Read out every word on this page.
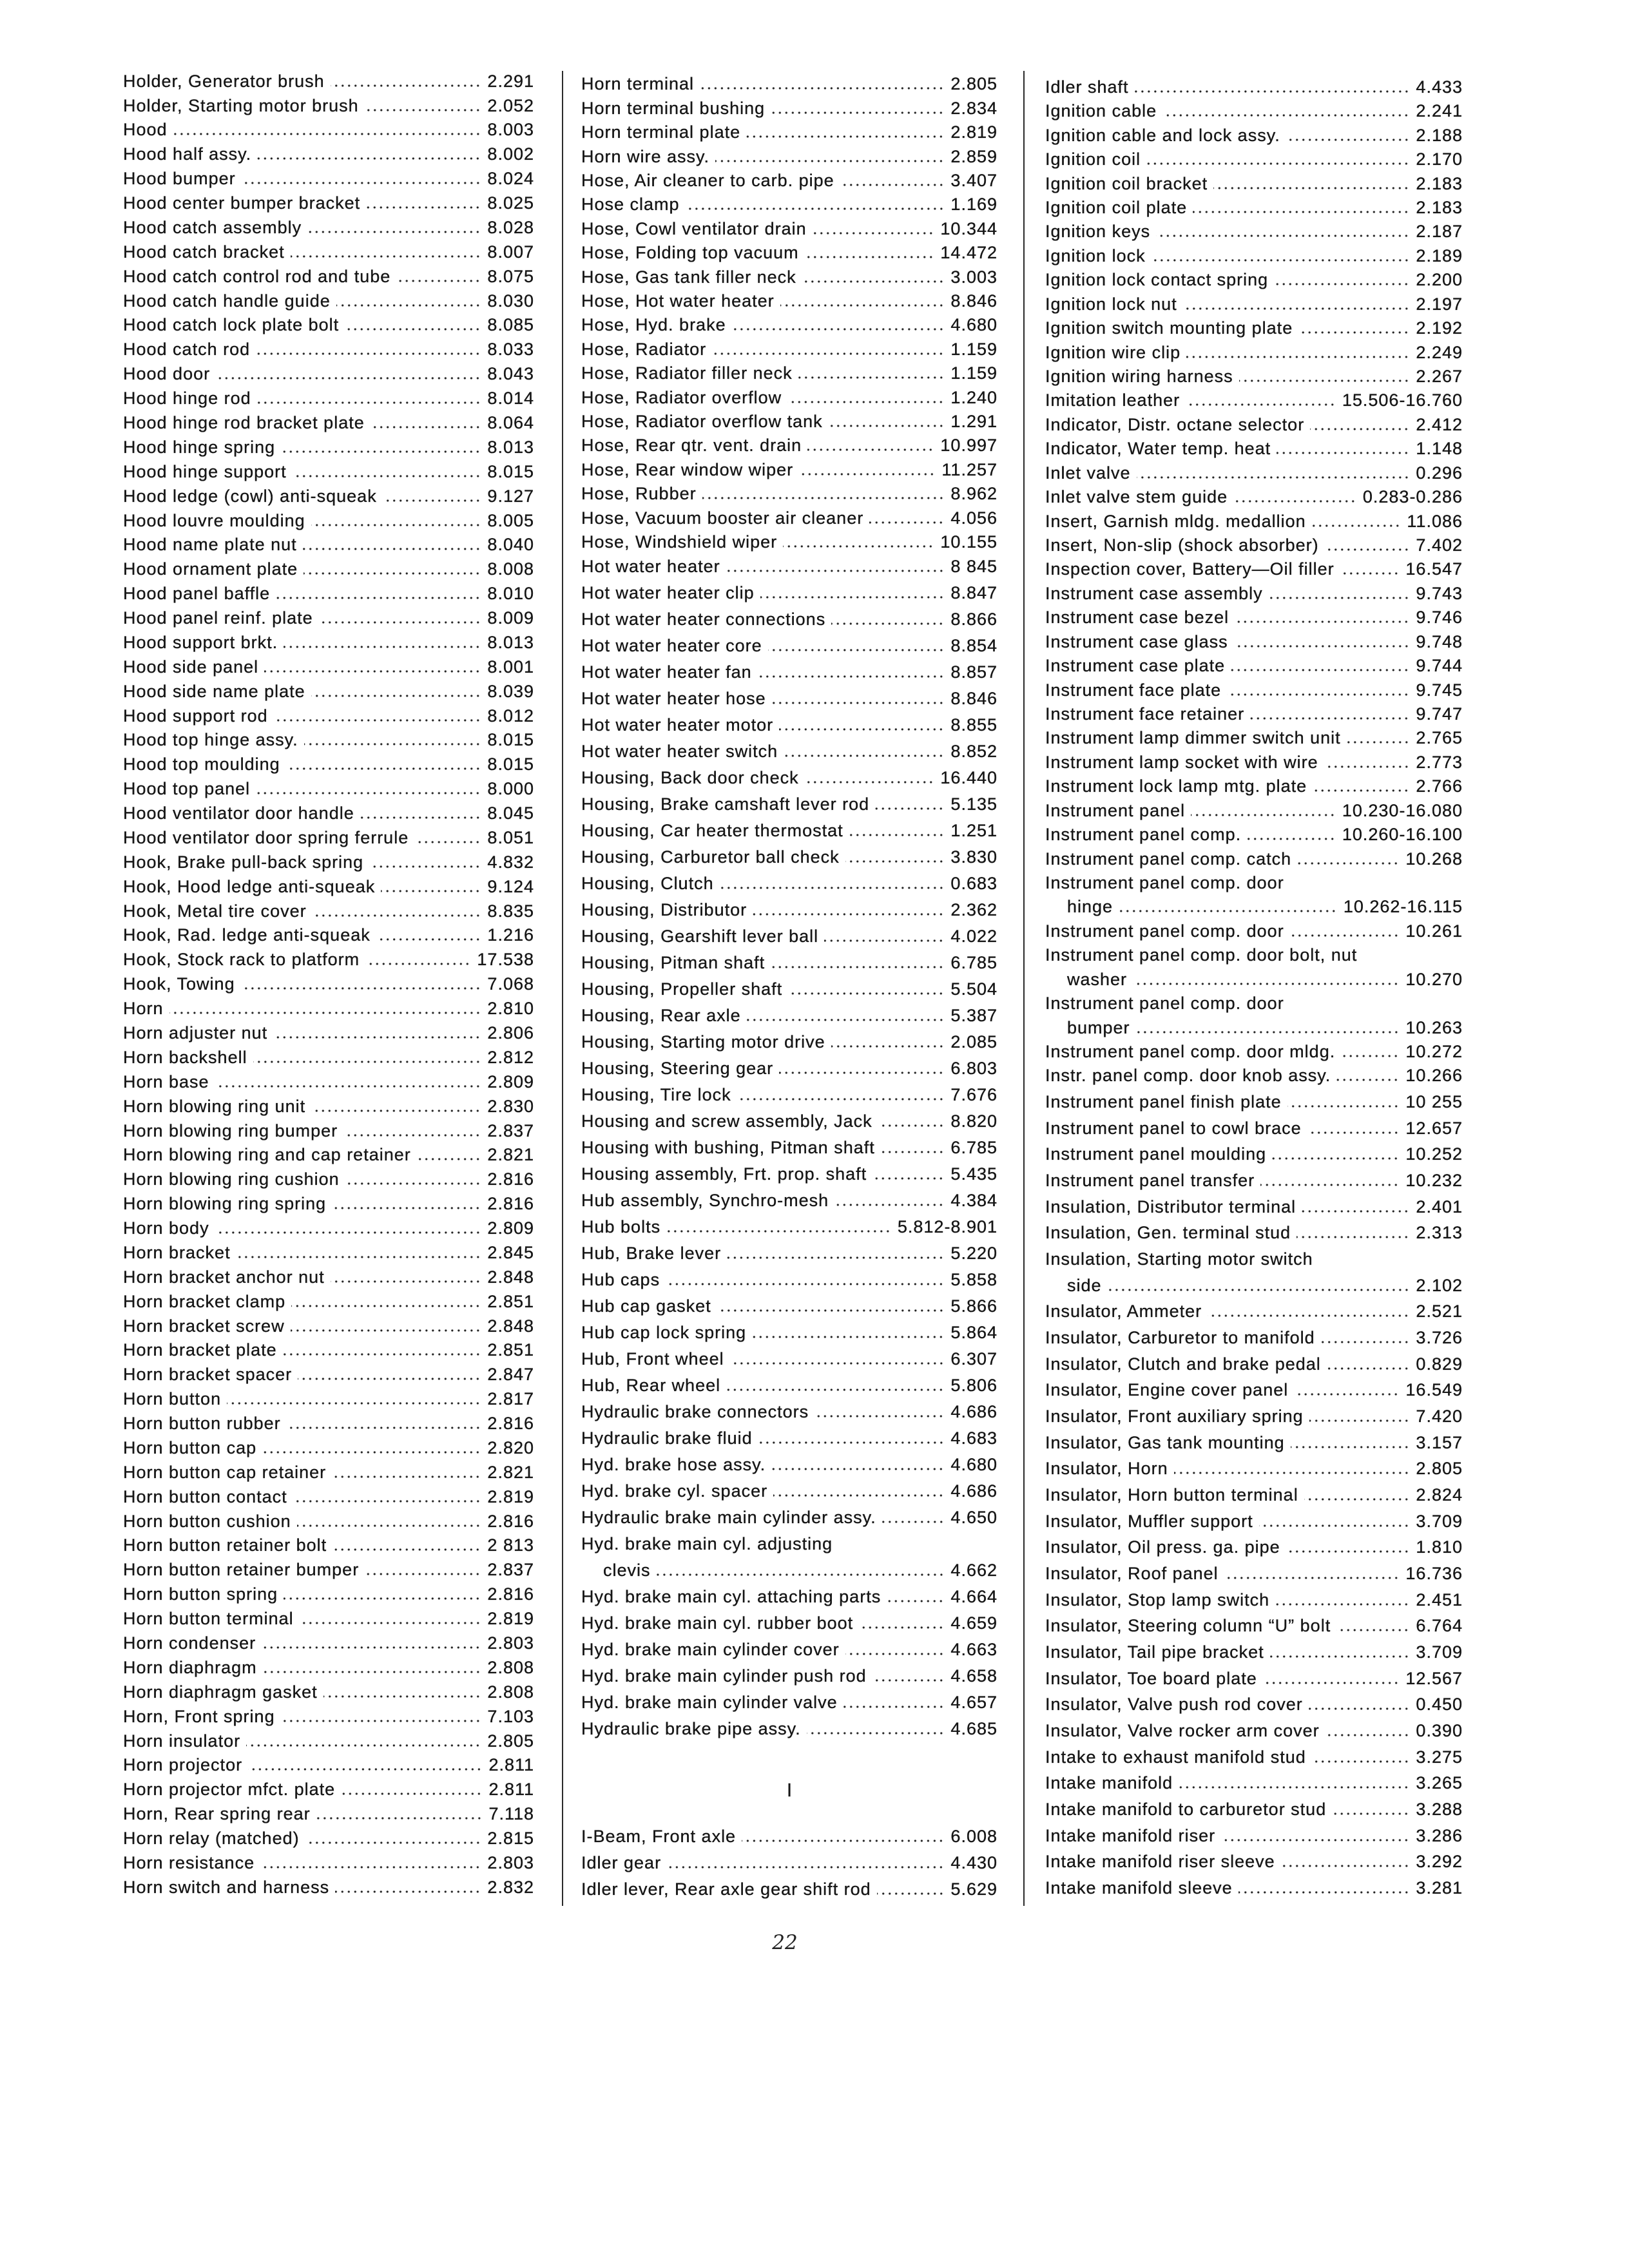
Holder, Generator brush	2.291
Holder, Starting motor brush	2.052
Hood	8.003
Hood half assy.	8.002
Hood bumper	8.024
Hood center bumper bracket	8.025
Hood catch assembly	8.028
Hood catch bracket	8.007
Hood catch control rod and tube	8.075
Hood catch handle guide	8.030
Hood catch lock plate bolt	8.085
Hood catch rod	8.033
Hood door	8.043
Hood hinge rod	8.014
Hood hinge rod bracket plate	8.064
Hood hinge spring	8.013
Hood hinge support	8.015
Hood ledge (cowl) anti-squeak	9.127
Hood louvre moulding	8.005
Hood name plate nut	8.040
Hood ornament plate	8.008
Hood panel baffle	8.010
Hood panel reinf. plate	8.009
Hood support brkt.	8.013
Hood side panel	8.001
Hood side name plate	8.039
Hood support rod	8.012
Hood top hinge assy.	8.015
Hood top moulding	8.015
Hood top panel	8.000
Hood ventilator door handle	8.045
Hood ventilator door spring ferrule	8.051
Hook, Brake pull-back spring	4.832
Hook, Hood ledge anti-squeak	9.124
Hook, Metal tire cover	8.835
Hook, Rad. ledge anti-squeak	1.216
Hook, Stock rack to platform	17.538
Hook, Towing	7.068
Horn	2.810
Horn adjuster nut	2.806
Horn backshell	2.812
Horn base	2.809
Horn blowing ring unit	2.830
Horn blowing ring bumper	2.837
Horn blowing ring and cap retainer	2.821
Horn blowing ring cushion	2.816
Horn blowing ring spring	2.816
Horn body	2.809
Horn bracket	2.845
Horn bracket anchor nut	2.848
Horn bracket clamp	2.851
Horn bracket screw	2.848
Horn bracket plate	2.851
Horn bracket spacer	2.847
Horn button	2.817
Horn button rubber	2.816
Horn button cap	2.820
Horn button cap retainer	2.821
Horn button contact	2.819
Horn button cushion	2.816
Horn button retainer bolt	2 813
Horn button retainer bumper	2.837
Horn button spring	2.816
Horn button terminal	2.819
Horn condenser	2.803
Horn diaphragm	2.808
Horn diaphragm gasket	2.808
Horn, Front spring	7.103
Horn insulator	2.805
Horn projector	2.811
Horn projector mfct. plate	2.811
Horn, Rear spring rear	7.118
Horn relay (matched)	2.815
Horn resistance	2.803
Horn switch and harness	2.832
I
Horn terminal	2.805
Horn terminal bushing	2.834
Horn terminal plate	2.819
Horn wire assy.	2.859
Hose, Air cleaner to carb. pipe	3.407
Hose clamp	1.169
Hose, Cowl ventilator drain	10.344
Hose, Folding top vacuum	14.472
Hose, Gas tank filler neck	3.003
Hose, Hot water heater	8.846
Hose, Hyd. brake	4.680
Hose, Radiator	1.159
Hose, Radiator filler neck	1.159
Hose, Radiator overflow	1.240
Hose, Radiator overflow tank	1.291
Hose, Rear qtr. vent. drain	10.997
Hose, Rear window wiper	11.257
Hose, Rubber	8.962
Hose, Vacuum booster air cleaner	4.056
Hose, Windshield wiper	10.155
Hot water heater	8 845
Hot water heater clip	8.847
Hot water heater connections	8.866
Hot water heater core	8.854
Hot water heater fan	8.857
Hot water heater hose	8.846
Hot water heater motor	8.855
Hot water heater switch	8.852
Housing, Back door check	16.440
Housing, Brake camshaft lever rod	5.135
Housing, Car heater thermostat	1.251
Housing, Carburetor ball check	3.830
Housing, Clutch	0.683
Housing, Distributor	2.362
Housing, Gearshift lever ball	4.022
Housing, Pitman shaft	6.785
Housing, Propeller shaft	5.504
Housing, Rear axle	5.387
Housing, Starting motor drive	2.085
Housing, Steering gear	6.803
Housing, Tire lock	7.676
Housing and screw assembly, Jack	8.820
Housing with bushing, Pitman shaft	6.785
Housing assembly, Frt. prop. shaft	5.435
Hub assembly, Synchro-mesh	4.384
Hub bolts	5.812-8.901
Hub, Brake lever	5.220
Hub caps	5.858
Hub cap gasket	5.866
Hub cap lock spring	5.864
Hub, Front wheel	6.307
Hub, Rear wheel	5.806
Hydraulic brake connectors	4.686
Hydraulic brake fluid	4.683
Hyd. brake hose assy.	4.680
Hyd. brake cyl. spacer	4.686
Hydraulic brake main cylinder assy.	4.650
Hyd. brake main cyl. adjusting
clevis	4.662
Hyd. brake main cyl. attaching parts	4.664
Hyd. brake main cyl. rubber boot	4.659
Hyd. brake main cylinder cover	4.663
Hyd. brake main cylinder push rod	4.658
Hyd. brake main cylinder valve	4.657
Hydraulic brake pipe assy.	4.685
I-Beam, Front axle	6.008
Idler gear	4.430
Idler lever, Rear axle gear shift rod	5.629
Idler shaft	4.433
Ignition cable	2.241
Ignition cable and lock assy.	2.188
Ignition coil	2.170
Ignition coil bracket	2.183
Ignition coil plate	2.183
Ignition keys	2.187
Ignition lock	2.189
Ignition lock contact spring	2.200
Ignition lock nut	2.197
Ignition switch mounting plate	2.192
Ignition wire clip	2.249
Ignition wiring harness	2.267
Imitation leather	15.506-16.760
Indicator, Distr. octane selector	2.412
Indicator, Water temp. heat	1.148
Inlet valve	0.296
Inlet valve stem guide	0.283-0.286
Insert, Garnish mldg. medallion	11.086
Insert, Non-slip (shock absorber)	7.402
Inspection cover, Battery—Oil filler	16.547
Instrument case assembly	9.743
Instrument case bezel	9.746
Instrument case glass	9.748
Instrument case plate	9.744
Instrument face plate	9.745
Instrument face retainer	9.747
Instrument lamp dimmer switch unit	2.765
Instrument lamp socket with wire	2.773
Instrument lock lamp mtg. plate	2.766
Instrument panel	10.230-16.080
Instrument panel comp.	10.260-16.100
Instrument panel comp. catch	10.268
Instrument panel comp. door
hinge	10.262-16.115
Instrument panel comp. door	10.261
Instrument panel comp. door bolt, nut
washer	10.270
Instrument panel comp. door
bumper	10.263
Instrument panel comp. door mldg.	10.272
Instr. panel comp. door knob assy.	10.266
Instrument panel finish plate	10 255
Instrument panel to cowl brace	12.657
Instrument panel moulding	10.252
Instrument panel transfer	10.232
Insulation, Distributor terminal	2.401
Insulation, Gen. terminal stud	2.313
Insulation, Starting motor switch
side	2.102
Insulator, Ammeter	2.521
Insulator, Carburetor to manifold	3.726
Insulator, Clutch and brake pedal	0.829
Insulator, Engine cover panel	16.549
Insulator, Front auxiliary spring	7.420
Insulator, Gas tank mounting	3.157
Insulator, Horn	2.805
Insulator, Horn button terminal	2.824
Insulator, Muffler support	3.709
Insulator, Oil press. ga. pipe	1.810
Insulator, Roof panel	16.736
Insulator, Stop lamp switch	2.451
Insulator, Steering column “U” bolt	6.764
Insulator, Tail pipe bracket	3.709
Insulator, Toe board plate	12.567
Insulator, Valve push rod cover	0.450
Insulator, Valve rocker arm cover	0.390
Intake to exhaust manifold stud	3.275
Intake manifold	3.265
Intake manifold to carburetor stud	3.288
Intake manifold riser	3.286
Intake manifold riser sleeve	3.292
Intake manifold sleeve	3.281
22
